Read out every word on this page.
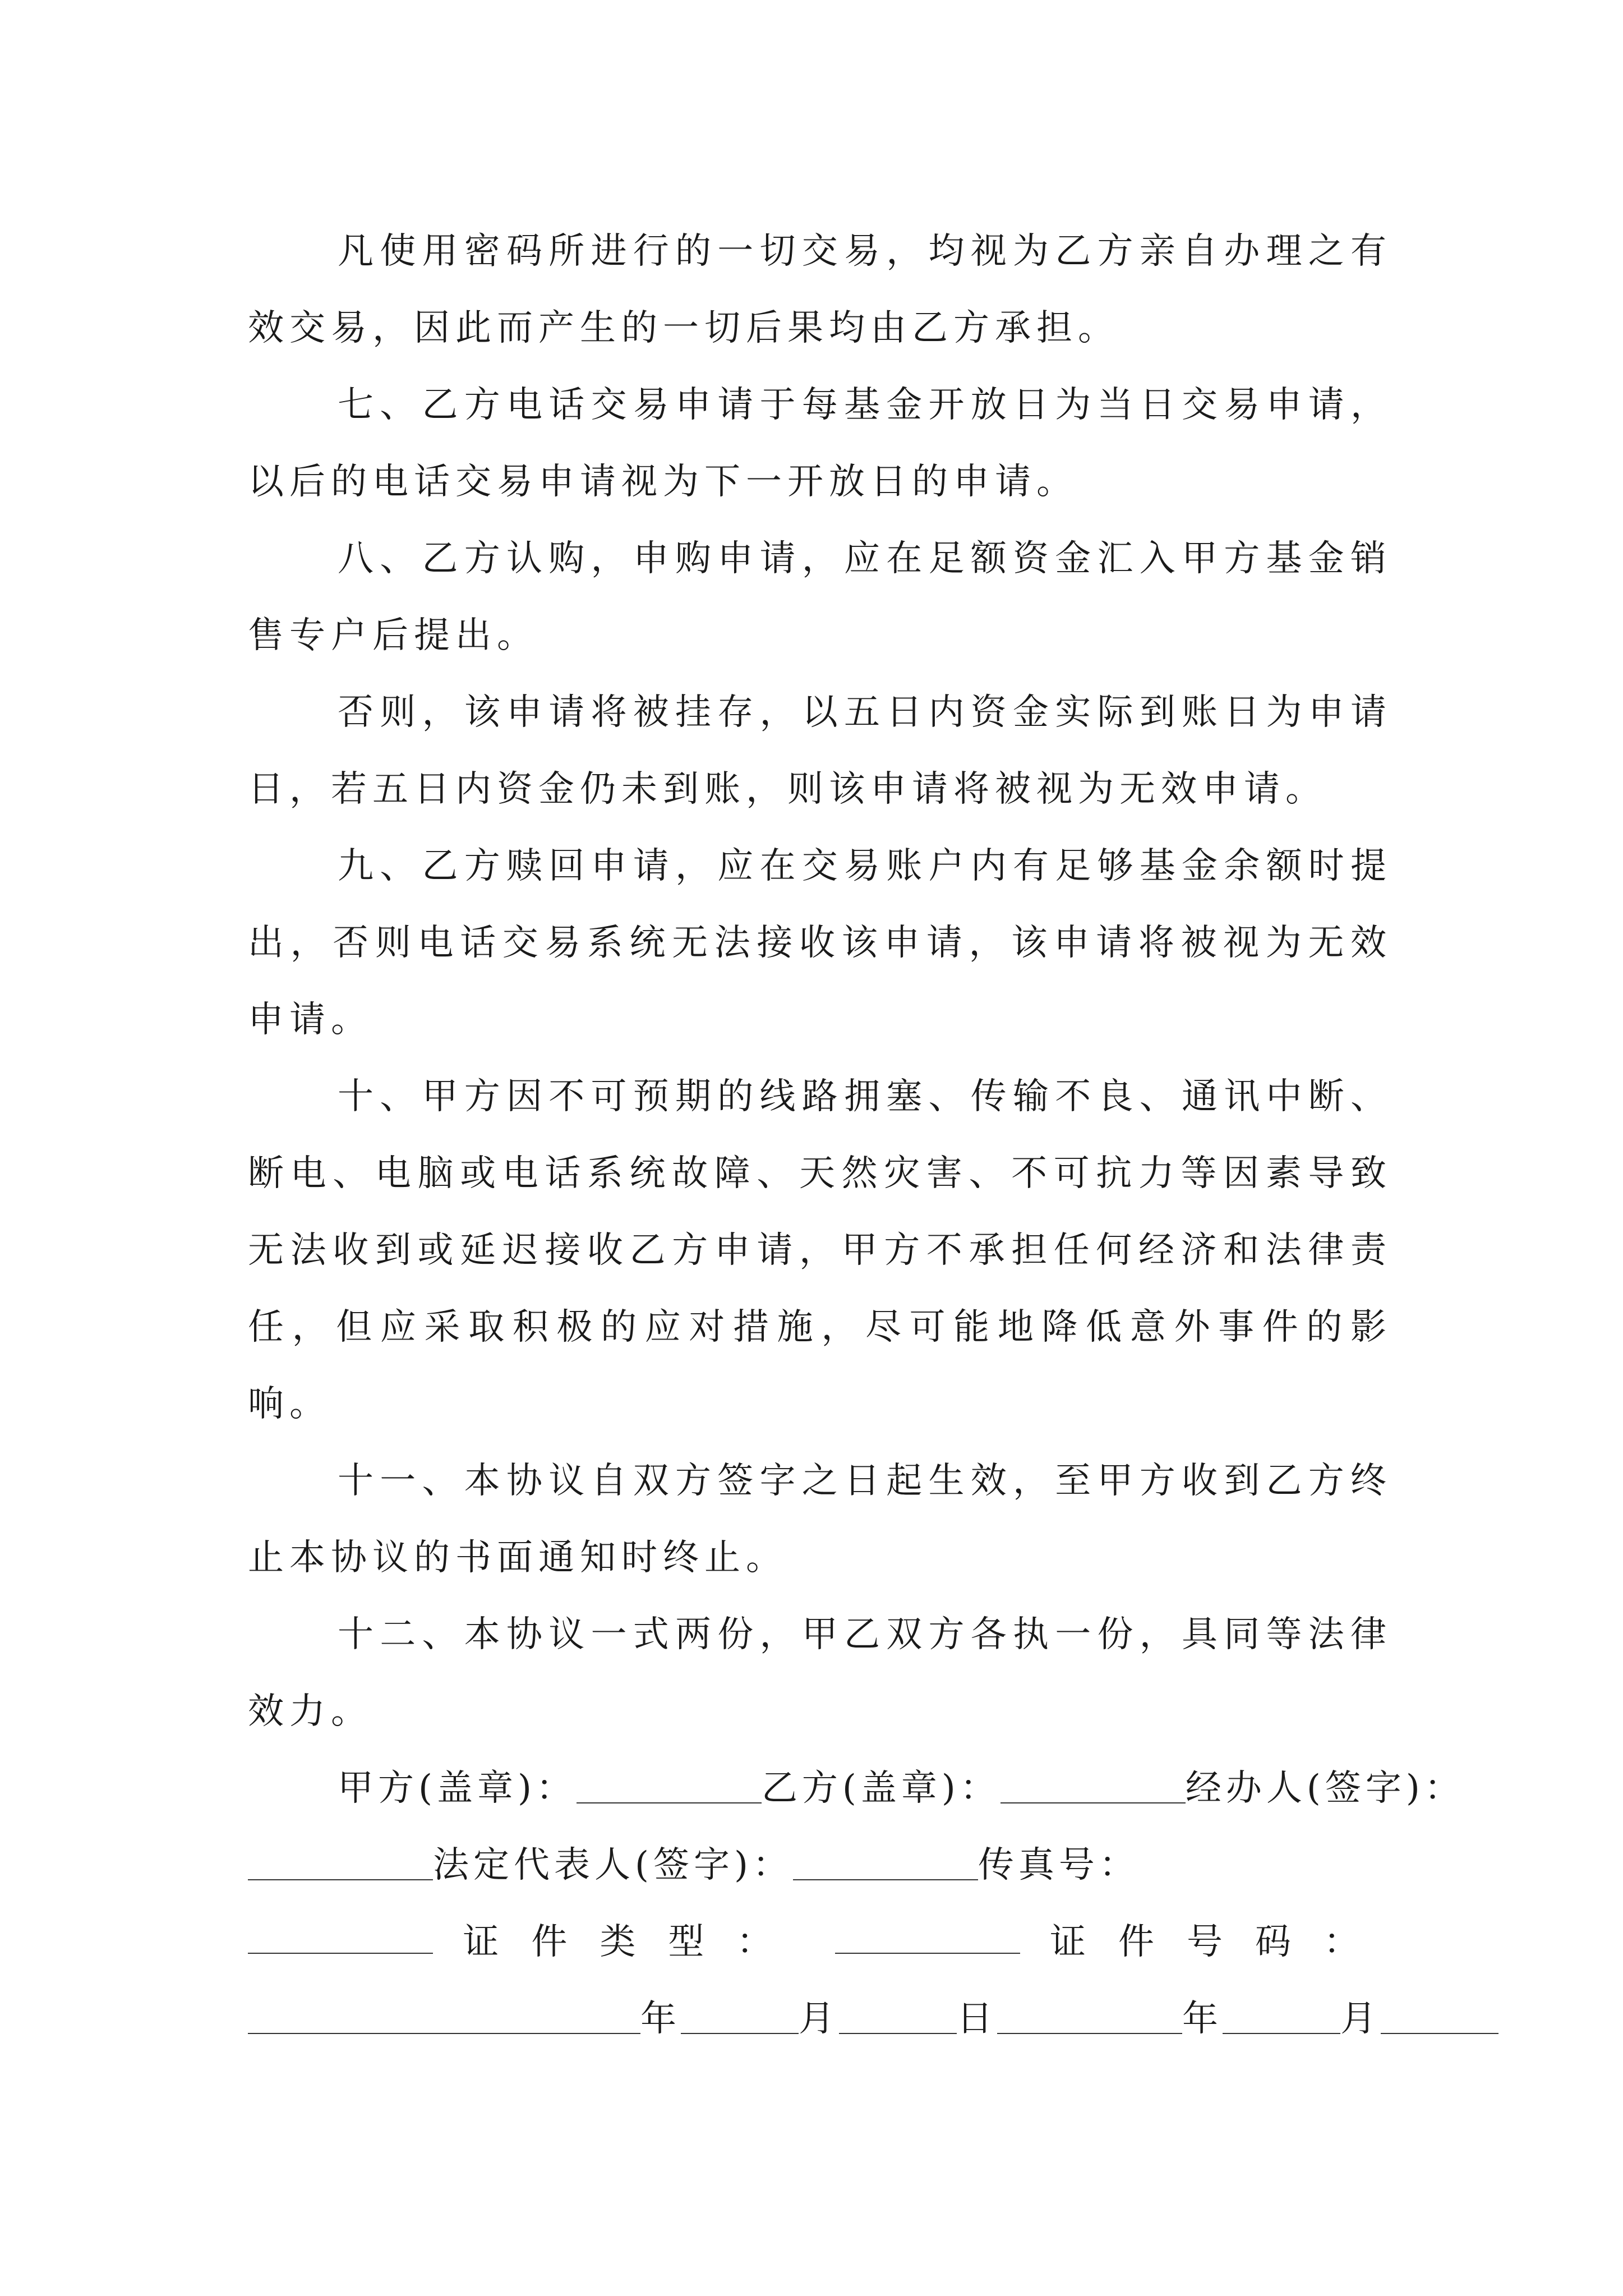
凡使用密码所进行的一切交易，均视为乙方亲自办理之有效交易，因此而产生的一切后果均由乙方承担。

七、乙方电话交易申请于每基金开放日为当日交易申请，以后的电话交易申请视为下一开放日的申请。

八、乙方认购，申购申请，应在足额资金汇入甲方基金销售专户后提出。

否则，该申请将被挂存，以五日内资金实际到账日为申请日，若五日内资金仍未到账，则该申请将被视为无效申请。

九、乙方赎回申请，应在交易账户内有足够基金余额时提出，否则电话交易系统无法接收该申请，该申请将被视为无效申请。

十、甲方因不可预期的线路拥塞、传输不良、通讯中断、断电、电脑或电话系统故障、天然灾害、不可抗力等因素导致无法收到或延迟接收乙方申请，甲方不承担任何经济和法律责任，但应采取积极的应对措施，尽可能地降低意外事件的影响。

十一、本协议自双方签字之日起生效，至甲方收到乙方终止本协议的书面通知时终止。

十二、本协议一式两份，甲乙双方各执一份，具同等法律效力。

甲方(盖章)：	乙方(盖章)：	经办人(签字)：
法定代表人(签字)：	传真号：
证件类型：	证件号码：
年	月	日	年	月
